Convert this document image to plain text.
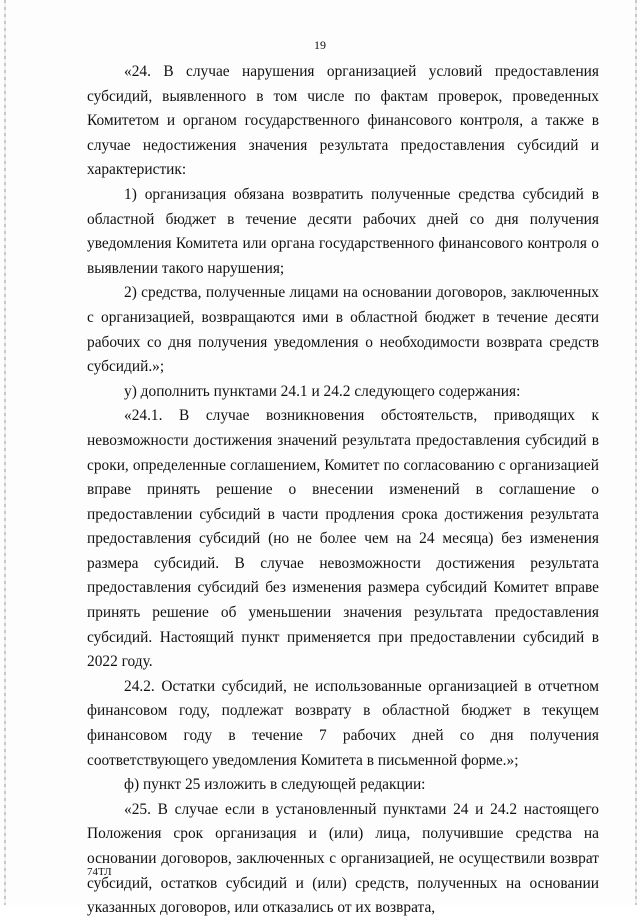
19

«24. В случае нарушения организацией условий предоставления субсидий, выявленного в том числе по фактам проверок, проведенных Комитетом и органом государственного финансового контроля, а также в случае недостижения значения результата предоставления субсидий и характеристик:

1) организация обязана возвратить полученные средства субсидий в областной бюджет в течение десяти рабочих дней со дня получения уведомления Комитета или органа государственного финансового контроля о выявлении такого нарушения;

2) средства, полученные лицами на основании договоров, заключенных с организацией, возвращаются ими в областной бюджет в течение десяти рабочих со дня получения уведомления о необходимости возврата средств субсидий.»;

у) дополнить пунктами 24.1 и 24.2 следующего содержания:

«24.1. В случае возникновения обстоятельств, приводящих к невозможности достижения значений результата предоставления субсидий в сроки, определенные соглашением, Комитет по согласованию с организацией вправе принять решение о внесении изменений в соглашение о предоставлении субсидий в части продления срока достижения результата предоставления субсидий (но не более чем на 24 месяца) без изменения размера субсидий. В случае невозможности достижения результата предоставления субсидий без изменения размера субсидий Комитет вправе принять решение об уменьшении значения результата предоставления субсидий. Настоящий пункт применяется при предоставлении субсидий в 2022 году.

24.2. Остатки субсидий, не использованные организацией в отчетном финансовом году, подлежат возврату в областной бюджет в текущем финансовом году в течение 7 рабочих дней со дня получения соответствующего уведомления Комитета в письменной форме.»;

ф) пункт 25 изложить в следующей редакции:

«25. В случае если в установленный пунктами 24 и 24.2 настоящего Положения срок организация и (или) лица, получившие средства на основании договоров, заключенных с организацией, не осуществили возврат субсидий, остатков субсидий и (или) средств, полученных на основании указанных договоров, или отказались от их возврата,

74ТЛ
